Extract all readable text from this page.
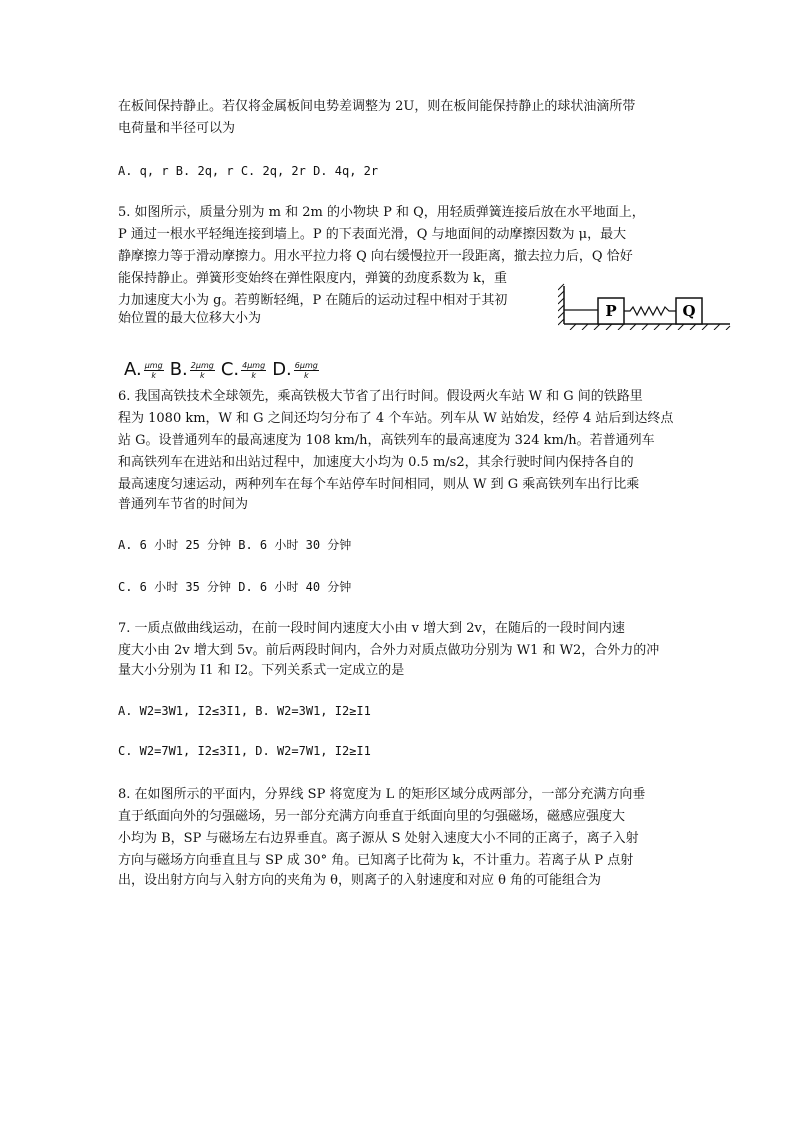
在板间保持静止。若仅将金属板间电势差调整为 2U，则在板间能保持静止的球状油滴所带

电荷量和半径可以为

A. q, r B. 2q, r C. 2q, 2r D. 4q, 2r

5. 如图所示，质量分别为 m 和 2m 的小物块 P 和 Q，用轻质弹簧连接后放在水平地面上，

P 通过一根水平轻绳连接到墙上。P 的下表面光滑，Q 与地面间的动摩擦因数为 μ，最大

静摩擦力等于滑动摩擦力。用水平拉力将 Q 向右缓慢拉开一段距离，撤去拉力后，Q 恰好

能保持静止。弹簧形变始终在弹性限度内，弹簧的劲度系数为 k，重

力加速度大小为 g。若剪断轻绳，P 在随后的运动过程中相对于其初

始位置的最大位移大小为	P	Q
A. $\frac{\text{μmg}}{k} B$. $\frac{\text{2μmg}}{k} C$. $\frac{\text{4μmg}}{k} D$. $\frac{\text{6μmg}}{k}$

6. 我国高铁技术全球领先，乘高铁极大节省了出行时间。假设两火车站 W 和 G 间的铁路里

程为 1080 km，W 和 G 之间还均匀分布了 4 个车站。列车从 W 站始发，经停 4 站后到达终点

站 G。设普通列车的最高速度为 108 km/h，高铁列车的最高速度为 324 km/h。若普通列车

和高铁列车在进站和出站过程中，加速度大小均为 0.5 m/s2，其余行驶时间内保持各自的

最高速度匀速运动，两种列车在每个车站停车时间相同，则从 W 到 G 乘高铁列车出行比乘

普通列车节省的时间为

A. 6 小时 25 分钟 B. 6 小时 30 分钟

C. 6 小时 35 分钟 D. 6 小时 40 分钟

7. 一质点做曲线运动，在前一段时间内速度大小由 v 增大到 2v，在随后的一段时间内速

度大小由 2v 增大到 5v。前后两段时间内，合外力对质点做功分别为 W1 和 W2，合外力的冲

量大小分别为 I1 和 I2。下列关系式一定成立的是

A. W2=3W1, I2≤3I1, B. W2=3W1, I2≥I1

C. W2=7W1, I2≤3I1, D. W2=7W1, I2≥I1

8. 在如图所示的平面内，分界线 SP 将宽度为 L 的矩形区域分成两部分，一部分充满方向垂

直于纸面向外的匀强磁场，另一部分充满方向垂直于纸面向里的匀强磁场，磁感应强度大

小均为 B，SP 与磁场左右边界垂直。离子源从 S 处射入速度大小不同的正离子，离子入射

方向与磁场方向垂直且与 SP 成 30° 角。已知离子比荷为 k，不计重力。若离子从 P 点射

出，设出射方向与入射方向的夹角为 θ，则离子的入射速度和对应 θ 角的可能组合为
